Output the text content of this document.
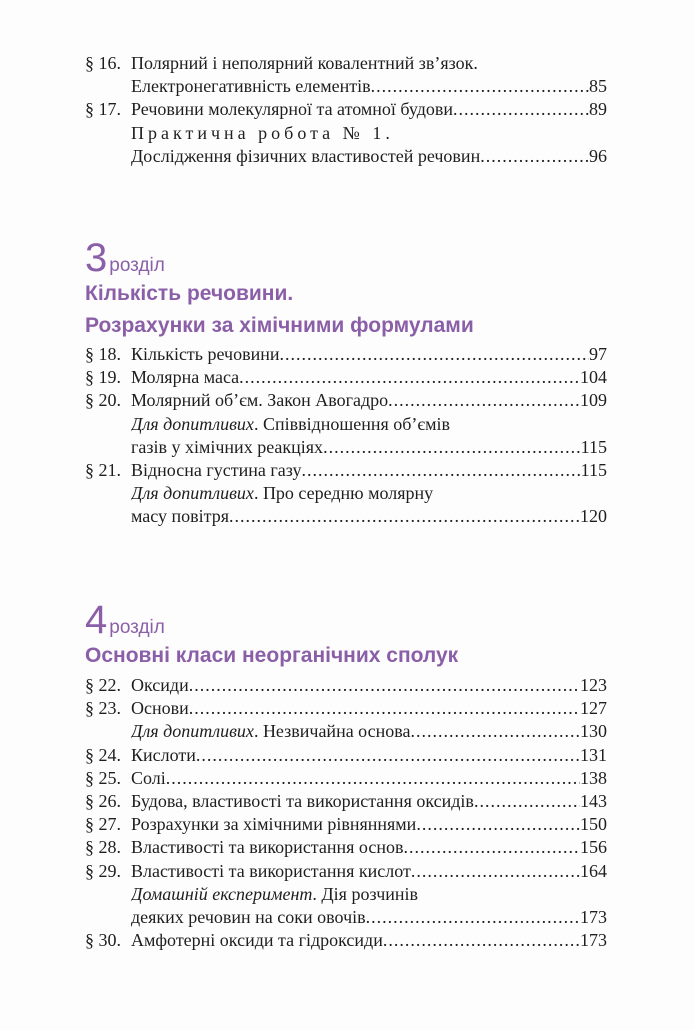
§ 16. Полярний і неполярний ковалентний зв’язок.
Електронегативність елементів .....	85
§ 17. Речовини молекулярної та атомної будови .....	89
Практична робота № 1.
Дослідження фізичних властивостей речовин .....	96
3 розділ
Кількість речовини.
Розрахунки за хімічними формулами
§ 18. Кількість речовини .....	97
§ 19. Молярна маса .....	104
§ 20. Молярний об’єм. Закон Авогадро .....	109
Для допитливих. Співвідношення об’ємів
газів у хімічних реакціях .....	115
§ 21. Відносна густина газу .....	115
Для допитливих. Про середню молярну
масу повітря .....	120
4 розділ
Основні класи неорганічних сполук
§ 22. Оксиди .....	123
§ 23. Основи .....	127
Для допитливих. Незвичайна основа .....	130
§ 24. Кислоти .....	131
§ 25. Солі .....	138
§ 26. Будова, властивості та використання оксидів .....	143
§ 27. Розрахунки за хімічними рівняннями .....	150
§ 28. Властивості та використання основ .....	156
§ 29. Властивості та використання кислот .....	164
Домашній експеримент. Дія розчинів
деяких речовин на соки овочів .....	173
§ 30. Амфотерні оксиди та гідроксиди .....	173
